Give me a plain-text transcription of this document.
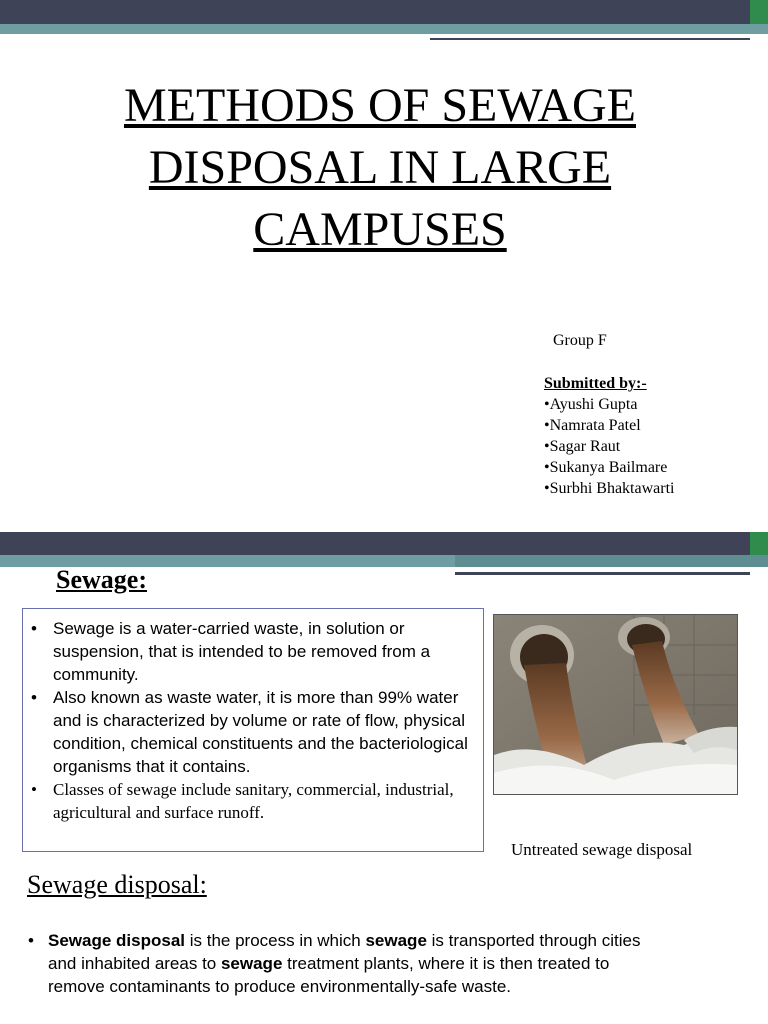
METHODS OF SEWAGE
DISPOSAL IN LARGE
CAMPUSES
Group F
Submitted by:-
•Ayushi Gupta
•Namrata Patel
•Sagar Raut
•Sukanya Bailmare
•Surbhi Bhaktawarti
Sewage:
• Sewage is a water-carried waste, in solution or suspension, that is intended to be removed from a community.
• Also known as waste water, it is more than 99% water and is characterized by volume or rate of flow, physical condition, chemical constituents and the bacteriological organisms that it contains.
• Classes of sewage include sanitary, commercial, industrial, agricultural and surface runoff.
Untreated sewage disposal
Sewage disposal:
• Sewage disposal is the process in which sewage is transported through cities and inhabited areas to sewage treatment plants, where it is then treated to remove contaminants to produce environmentally-safe waste.
